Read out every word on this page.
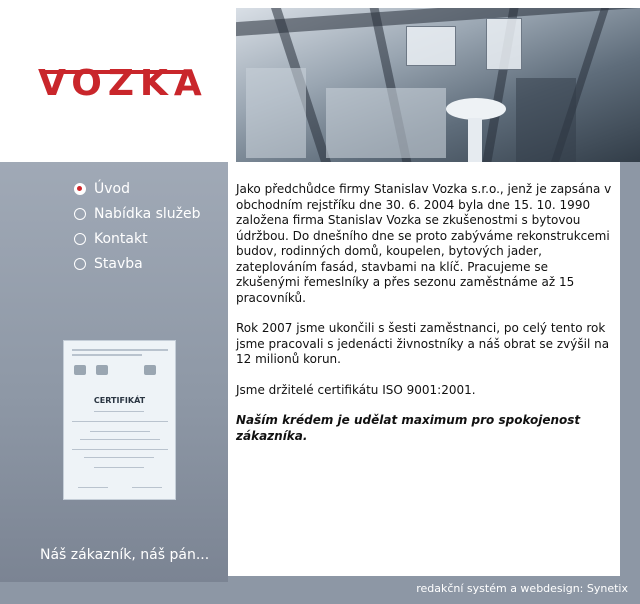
VOZKA
Úvod
Nabídka služeb
Kontakt
Stavba
CERTIFIKÁT
Náš zákazník, náš pán...

Jako předchůdce firmy Stanislav Vozka s.r.o., jenž je zapsána v obchodním rejstříku dne 30. 6. 2004 byla dne 15. 10. 1990 založena firma Stanislav Vozka se zkušenostmi s bytovou údržbou. Do dnešního dne se proto zabýváme rekonstrukcemi budov, rodinných domů, koupelen, bytových jader, zateplováním fasád, stavbami na klíč. Pracujeme se zkušenými řemeslníky a přes sezonu zaměstnáme až 15 pracovníků.

Rok 2007 jsme ukončili s šesti zaměstnanci, po celý tento rok jsme pracovali s jedenácti živnostníky a náš obrat se zvýšil na 12 milionů korun.

Jsme držitelé certifikátu ISO 9001:2001.

Naším krédem je udělat maximum pro spokojenost zákazníka.

redakční systém a webdesign: Synetix
